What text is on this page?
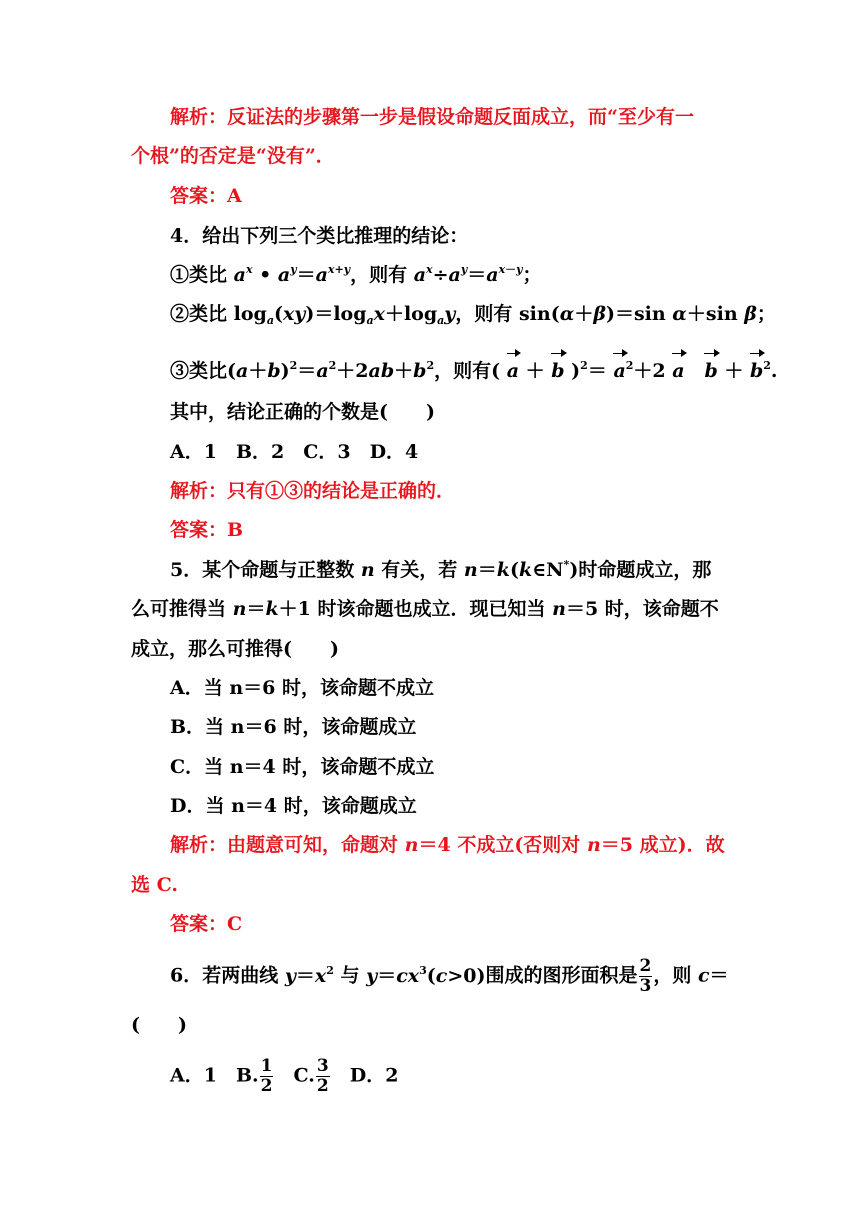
解析：反证法的步骤第一步是假设命题反面成立，而“至少有一
个根”的否定是“没有”．
答案：A
4．给出下列三个类比推理的结论：
①类比 $a^x$ • $a^y=a^{x+y}$，则有 $a^x\div a^y=a^{x-y}$；
②类比 $\log_a(xy)=\log_ax+\log_ay$，则有 sin(α＋β)＝sin α＋sin β；
③类比$(a+b)^2=a^2+2ab+b^2$，则有( a ＋ b )$^2= a^2+2$ a $b + b^2$.
其中，结论正确的个数是(　　)
A．1　B．2　C．3　D．4
解析：只有①③的结论是正确的．
答案：B
5．某个命题与正整数 n 有关，若 n＝k(k∈N*)时命题成立，那
么可推得当 n＝k＋1 时该命题也成立．现已知当 n＝5 时，该命题不
成立，那么可推得(　　)
A．当 n＝6 时，该命题不成立
B．当 n＝6 时，该命题成立
C．当 n＝4 时，该命题不成立
D．当 n＝4 时，该命题成立
解析：由题意可知，命题对 n＝4 不成立(否则对 n＝5 成立)．故
选 C.
答案：C
6．若两曲线 $y=x^2$ 与 $y=cx^3(c>0)$围成的图形面积是 $\frac{2}{3}$ ，则 c＝
(　　)
A．1　B. $\frac{1}{2}$ 　C. $\frac{3}{2}$ 　D．2
